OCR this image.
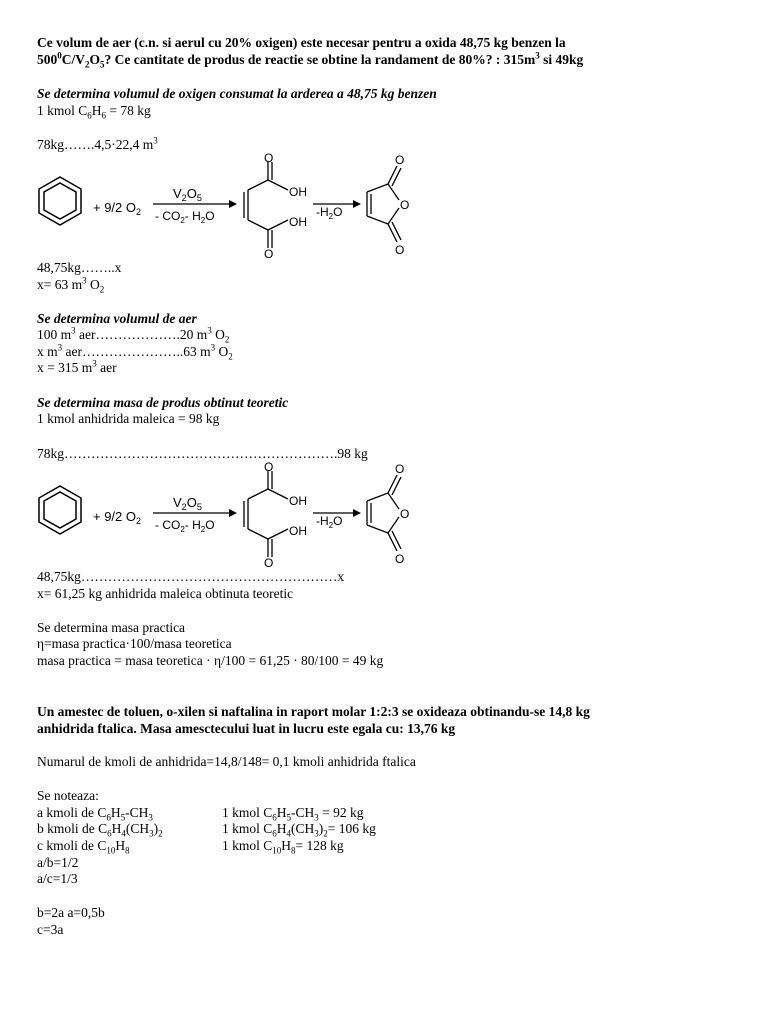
Ce volum de aer (c.n. si aerul cu 20% oxigen) este necesar pentru a oxida 48,75 kg benzen la
$500^0C/V_2O_5$? Ce cantitate de produs de reactie se obtine la randament de 80%? : $315m^3$ si 49kg
Se determina volumul de oxigen consumat la arderea a 48,75 kg benzen
1 kmol $C_6H_6 = 78$ kg
78kg…….4,5·22,4 $m^3$
+ 9/2 $O_2$
$V_2O_5$
- $CO_2-$ $H_2O$
O
OH
OH
O
$-H_2O$
O
O
O
48,75kg……..x
x= 63 $m^3$ $O_2$
Se determina volumul de aer
100 $m^3$ aer……………….20 $m^3$ $O_2$
x $m^3$ aer…………………..63 $m^3$ $O_2$
x = 315 $m^3$ aer
Se determina masa de produs obtinut teoretic
1 kmol anhidrida maleica = 98 kg
78kg…………………………………………………….98 kg
+ 9/2 $O_2$
$V_2O_5$
- $CO_2-$ $H_2O$
O
OH
OH
O
$-H_2O$
O
O
O
48,75kg…………………………………………………x
x= 61,25 kg anhidrida maleica obtinuta teoretic
Se determina masa practica
η=masa practica·100/masa teoretica
masa practica = masa teoretica · η/100 = 61,25 · 80/100 = 49 kg
Un amestec de toluen, o-xilen si naftalina in raport molar 1:2:3 se oxideaza obtinandu-se 14,8 kg
anhidrida ftalica. Masa amesctecului luat in lucru este egala cu: 13,76 kg
Numarul de kmoli de anhidrida=14,8/148= 0,1 kmoli anhidrida ftalica
Se noteaza:
a kmoli de $C_6H_5-CH_3$	1 kmol $C_6H_5-CH_3 = 92$ kg
b kmoli de $C_6H_4(CH_3)_2$	1 kmol $C_6H_4(CH_3)_2= 106$ kg
c kmoli de $C_{10}H_8$	1 kmol $C_{10}H_8= 128$ kg
a/b=1/2
a/c=1/3
b=2a a=0,5b
c=3a
